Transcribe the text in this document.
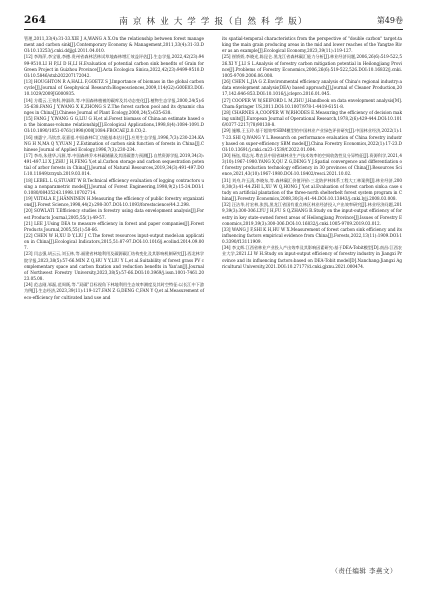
264	南 京 林 业 大 学 学 报（自 然 科 学 版）	第49卷

管理,2011,33(4):31-33.XIE J A,WANG A X.On the relationship between forest management and carbon sink[J].Contemporary Economy & Management,2011,33(4):31-33.DOI:10.13253/j.cnki.ddjjgl.2011.04.010.

[12] 李海萍,李宝银,李德.贵州省森林活林试草地森林增汇效益评估[J].生态学报,2022,42(23):9499-9510.LI H P,LI D H,LI H.Evaluation of potential carbon sink benefits of Grain for Green Project in Guizhou Province[J].Acta Ecologica Sinica,2022,42(23):9499-9510.DOI:10.5846/stxb202207172042.

[13] HOUGHTON R A,HALL F,GOETZ S J.Importance of biomass in the global carbon cycle[J].Journal of Geophysical Research:Biogeosciences,2009,114(G2):G00E03.DOI:10.1029/2009JG000935.

[14] 方精云,王效科,钟淑珍,等.中国森林植被的碳库及其动态变化[J].植物生态学报,2000,24(5):635-638.FANG J Y,WANG X K,ZHONG S Z.The forest carbon pool and its dynamic changes in China[J].Chinese Journal of Plant Ecology,2000,24(5):635-638.

[15] FANG J Y,WANG G G,LIU G H,et al.Forest biomass of China:an estimate based on the biomass-volume relationship[J].Ecological Applications,1998,8(4):1084-1091.DOI:10.1890/1051-0761(1998)008[1084:FBOCAE]2.0.CO;2.

[16] 康惠宁,马钦彦,袁嘉祖.中国森林C汇功能基本估计[J].应用生态学报,1996,7(3):230-234.KANG H N,MA Q Y,YUAN J Z.Estimation of carbon sink function of forests in China[J].Chinese Journal of Applied Ecology,1996,7(3):230-234.

[17] 李奇,朱建华,冯源,等.中国森林乔木林碳储量及其固碳潜力预测[J].自然资源学报,2019,34(3):491-497.LI X J,ZHU J H,FENG Y,et al.Carbon storage and carbon sequestration potential of arbor forests in China[J].Journal of Natural Resources,2019,34(3):491-497.DOI:10.11849/zrzyxb.2019.03.014.

[18] LEBEL L G,STUART W B.Technical efficiency evaluation of logging contractors using a nonparametric model[J].Journal of Forest Engineering,1998,9(2):15-24.DOI:10.1080/08435243.1998.10702714.

[19] VIITALA E J,HÄNNINEN H.Measuring the efficiency of public forestry organizations[J].Forest Science,1998,44(2):298-307.DOI:10.1093/forestscience/44.2.298.

[20] SOWLATI T.Efficiency studies in forestry using data envelopment analysis[J].Forest Products Journal,2005,55(1):49-57.

[21] LEE J.Using DEA to measure efficiency in forest and paper companies[J].Forest Products Journal,2005,55(1):58-66.

[22] CHEN W H,XU D Y,LIU J C.The forest resources input-output model:an application in China[J].Ecological Indicators,2015,51:87-97.DOI:10.1016/j.ecolind.2014.09.007.

[23] 闫志强,胡云云,刘玉林,等.福建省林地利用及碳源碳汇结构变化及其影响机制研究[J].西北林学院学报,2023,38(5):57-66.MIN Z Q,HU Y Y,LIU Y L,et al.Suitability of forest grass PV complementary space and carbon fixation and reduction benefits in Yan'an[J].Journal of Northwest Forestry University,2023,38(5):57-66.DOI:10.3969/j.issn.1001-7461.2023.05.08.

[24] 范志刚,邹磊,范周既,等."双碳"目标视角下林地利用生态效率测度及其时空特征:以长江中下游为例[J].生态经济,2023,39(11):119-127.FAN Z G,DENG C,FAN Y Q,et al.Measurement of eco-efficiency for cultivated land use and

its spatial-temporal characteristics from the perspective of "double carbon" target:taking the main grain producing areas in the mid and lower reaches of the Yangtze River as an example[J].Ecological Economy,2023,39(11):119-127.

[25] 崔娇娇,李晓光,陈昆仑.黑龙江省森林碳汇能力分析[J].林业经济问题,2006,26(6):519-522,526.XI Y J,LI S L.Analysis of forestry carbon mitigation potential in Heilongjiang Province[J].Problems of Forestry Economics,2006,26(6):519-522,526.DOI:10.16832/j.cnki.1005-9709.2006.06.008.

[26] CHEN L,JIA G Z.Environmental efficiency analysis of China's regional industry:a data envelopment analysis(DEA) based approach[J].Journal of Cleaner Production,2017,142:846-853.DOI:10.1016/j.jclepro.2016.01.045.

[27] COOPER W W,SEIFORD L M,ZHU J.Handbook on data envelopment analysis[M].Cham:Springer US,2011.DOI:10.1007/978-1-4419-6151-8.

[28] CHARNES A,COOPER W W,RHODES E.Measuring the efficiency of decision making units[J].European Journal of Operational Research,1978,2(6):429-444.DOI:10.1016/0377-2217(78)90138-8.

[29] 施娜,王玉玲.基于超效率SBM模型的中国林业产业绿色评价研究[J].中国林业经济,2022(1):17-23.SHI Q,WANG Y L.Research on performance evaluation of China forestry industry based on super-efficiency SBM model[J].China Forestry Economics,2022(1):17-23.DOI:10.13691/j.cnki.cn23-1539/f.2022.01.004.

[30] 杨钰,郑志光.粤农县中国省域林业生产技术效率的空间收敛性及分异特征[J].资源科学,2021,43(10):1967-1980.YANG X,QU Z G,DENG Y J.Spatial convergence and differentiation of forestry production technology efficiency in 30 provinces of China[J].Resources Science,2021,43(10):1967-1980.DOI:10.18402/resci.2021.10.02.

[31] 刘舟,许玉清,李晓东,等.森林碳汇价值评价:三北防护林体系工程大工林案例[J].林业经济,2008,30(3):41-44.ZHI L,XU W Q,HONG J Y,et al.Evaluation of forest carbon sink:a case study on artificial plantation of the three-north shelterbelt forest system program in China[J].Forestry Economics,2008,30(3):41-44.DOI:10.13843/j.cnki.lyjj.2008.03.008.

[32] 汪洁华,付宏林,张凯,黑龙江省国有重点林区林业经济投入产出效率研究[J].林业经济问题,2019,39(3):300-306.LYU J H,FU S Q,ZHANG B.Study on the input-output efficiency of forestry in key state-owned forest areas of Heilongjiang Province[J].Issues of Forestry Economics,2019,39(3):300-306.DOI:10.16832/j.cnki.1005-9709.2019.03.012.

[33] WANG J F,SHI K H,HU W X.Measurement of forest carbon sink efficiency and its influencing factors empirical evidence from China[J].Forests,2022,13(11):1909.DOI:10.3390/f13111909.

[34] 李文辉.江西省林业产业投入产出效率及其影响因素研究:基于DEA-Tobit模型[D].南昌:江西农业大学,2021.LI W H.Study on input-output efficiency of forestry industry in Jiangxi Province and its influencing factors:based on DEA-Tobit model[D].Nanchang:Jiangxi Agricultural University,2021.DOI:10.27177/d.cnki.gjxnu.2021.000474.

（责任编辑 李燕文）
